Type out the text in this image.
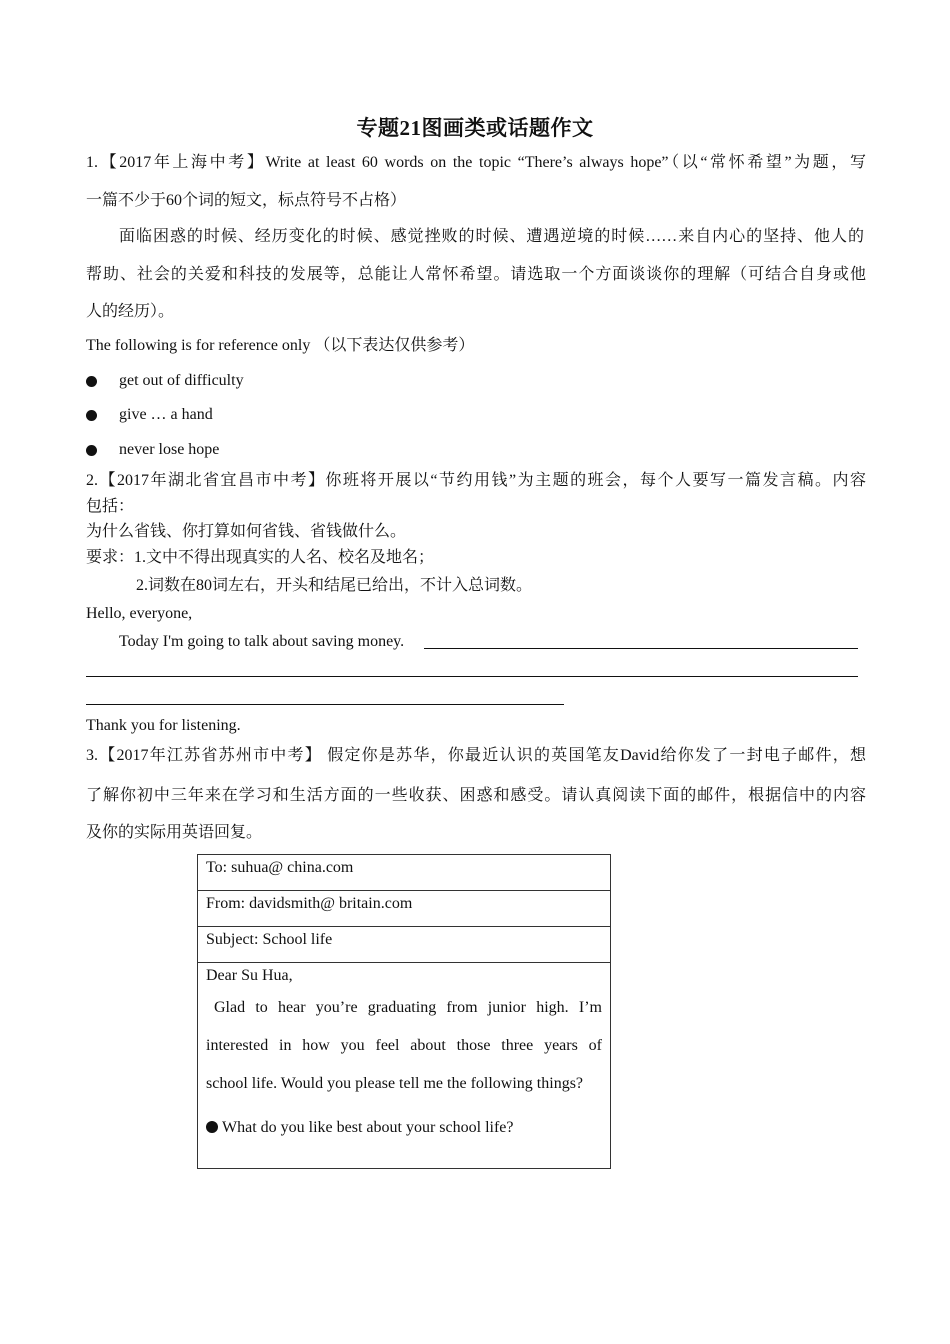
专题21图画类或话题作文
1.【2017年上海中考】Write at least 60 words on the topic “There’s always hope”（以“常怀希望”为题，写
一篇不少于60个词的短文，标点符号不占格）
面临困惑的时候、经历变化的时候、感觉挫败的时候、遭遇逆境的时候……来自内心的坚持、他人的
帮助、社会的关爱和科技的发展等，总能让人常怀希望。请选取一个方面谈谈你的理解（可结合自身或他
人的经历）。
The following is for reference only （以下表达仅供参考）
get out of difficulty
give … a hand
never lose hope
2.【2017年湖北省宜昌市中考】你班将开展以“节约用钱”为主题的班会，每个人要写一篇发言稿。内容
包括：
为什么省钱、你打算如何省钱、省钱做什么。
要求：1.文中不得出现真实的人名、校名及地名；
2.词数在80词左右，开头和结尾已给出，不计入总词数。
Hello, everyone,
Today I'm going to talk about saving money.
Thank you for listening.
3.【2017年江苏省苏州市中考】 假定你是苏华，你最近认识的英国笔友David给你发了一封电子邮件，想
了解你初中三年来在学习和生活方面的一些收获、困惑和感受。请认真阅读下面的邮件，根据信中的内容
及你的实际用英语回复。
To: suhua@ china.com
From: davidsmith@ britain.com
Subject: School life

Dear Su Hua,
Glad to hear you’re graduating from junior high. I’m
interested in how you feel about those three years of
school life. Would you please tell me the following things?
What do you like best about your school life?
